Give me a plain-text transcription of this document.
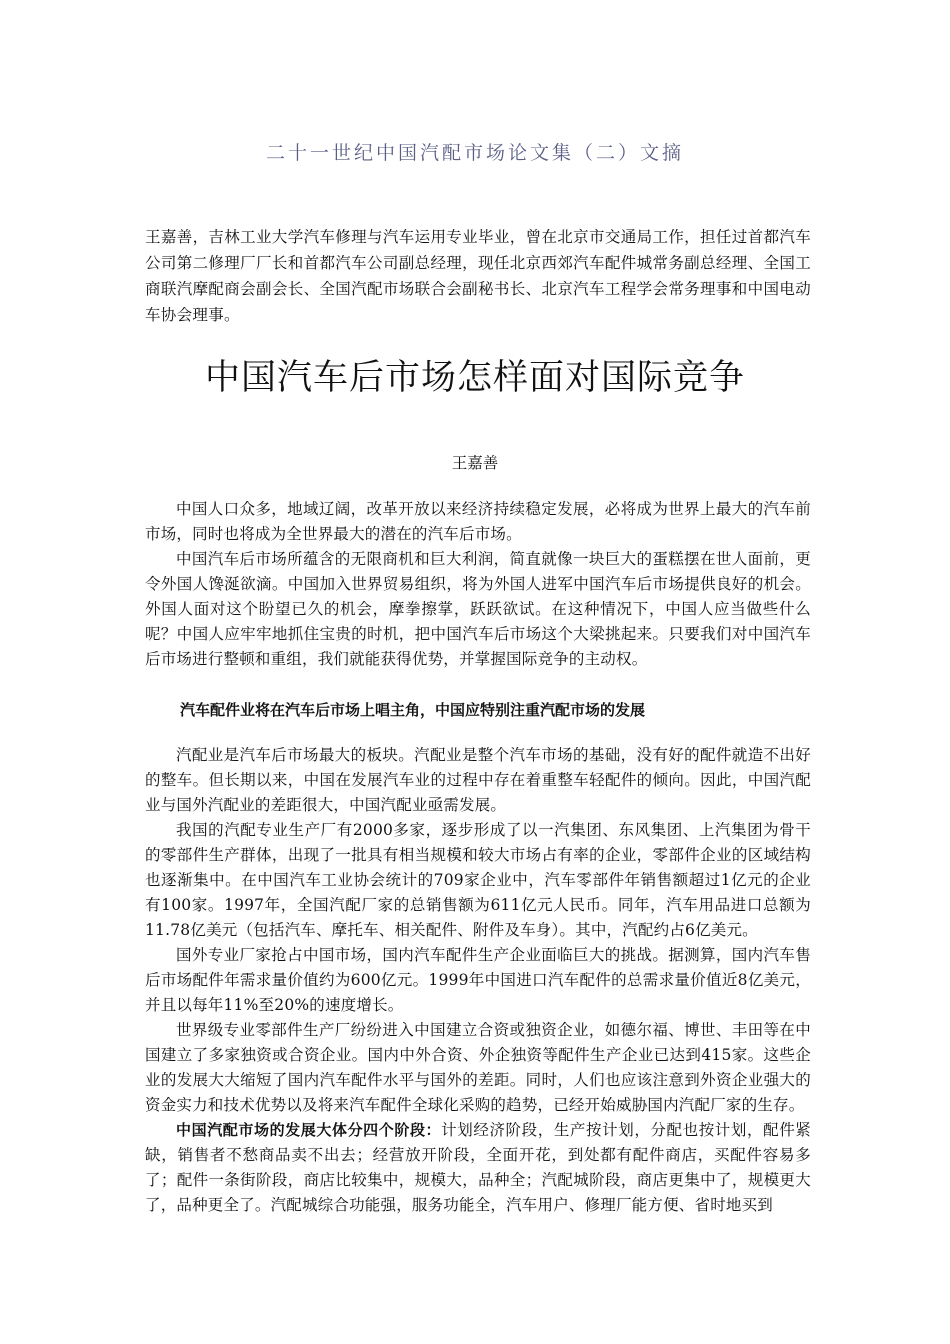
二十一世纪中国汽配市场论文集（二）文摘
王嘉善，吉林工业大学汽车修理与汽车运用专业毕业，曾在北京市交通局工作，担任过首都汽车公司第二修理厂厂长和首都汽车公司副总经理，现任北京西郊汽车配件城常务副总经理、全国工商联汽摩配商会副会长、全国汽配市场联合会副秘书长、北京汽车工程学会常务理事和中国电动车协会理事。
中国汽车后市场怎样面对国际竞争
王嘉善

中国人口众多，地域辽阔，改革开放以来经济持续稳定发展，必将成为世界上最大的汽车前市场，同时也将成为全世界最大的潜在的汽车后市场。

中国汽车后市场所蕴含的无限商机和巨大利润，简直就像一块巨大的蛋糕摆在世人面前，更令外国人馋涎欲滴。中国加入世界贸易组织，将为外国人进军中国汽车后市场提供良好的机会。外国人面对这个盼望已久的机会，摩拳擦掌，跃跃欲试。在这种情况下，中国人应当做些什么呢？中国人应牢牢地抓住宝贵的时机，把中国汽车后市场这个大梁挑起来。只要我们对中国汽车后市场进行整顿和重组，我们就能获得优势，并掌握国际竞争的主动权。

汽车配件业将在汽车后市场上唱主角，中国应特别注重汽配市场的发展

汽配业是汽车后市场最大的板块。汽配业是整个汽车市场的基础，没有好的配件就造不出好的整车。但长期以来，中国在发展汽车业的过程中存在着重整车轻配件的倾向。因此，中国汽配业与国外汽配业的差距很大，中国汽配业亟需发展。

我国的汽配专业生产厂有2000多家，逐步形成了以一汽集团、东风集团、上汽集团为骨干的零部件生产群体，出现了一批具有相当规模和较大市场占有率的企业，零部件企业的区域结构也逐渐集中。在中国汽车工业协会统计的709家企业中，汽车零部件年销售额超过1亿元的企业有100家。1997年，全国汽配厂家的总销售额为611亿元人民币。同年，汽车用品进口总额为11.78亿美元（包括汽车、摩托车、相关配件、附件及车身）。其中，汽配约占6亿美元。

国外专业厂家抢占中国市场，国内汽车配件生产企业面临巨大的挑战。据测算，国内汽车售后市场配件年需求量价值约为600亿元。1999年中国进口汽车配件的总需求量价值近8亿美元，并且以每年11%至20%的速度增长。

世界级专业零部件生产厂纷纷进入中国建立合资或独资企业，如德尔福、博世、丰田等在中国建立了多家独资或合资企业。国内中外合资、外企独资等配件生产企业已达到415家。这些企业的发展大大缩短了国内汽车配件水平与国外的差距。同时，人们也应该注意到外资企业强大的资金实力和技术优势以及将来汽车配件全球化采购的趋势，已经开始威胁国内汽配厂家的生存。

中国汽配市场的发展大体分四个阶段：计划经济阶段，生产按计划，分配也按计划，配件紧缺，销售者不愁商品卖不出去；经营放开阶段，全面开花，到处都有配件商店，买配件容易多了；配件一条街阶段，商店比较集中，规模大，品种全；汽配城阶段，商店更集中了，规模更大了，品种更全了。汽配城综合功能强，服务功能全，汽车用户、修理厂能方便、省时地买到
